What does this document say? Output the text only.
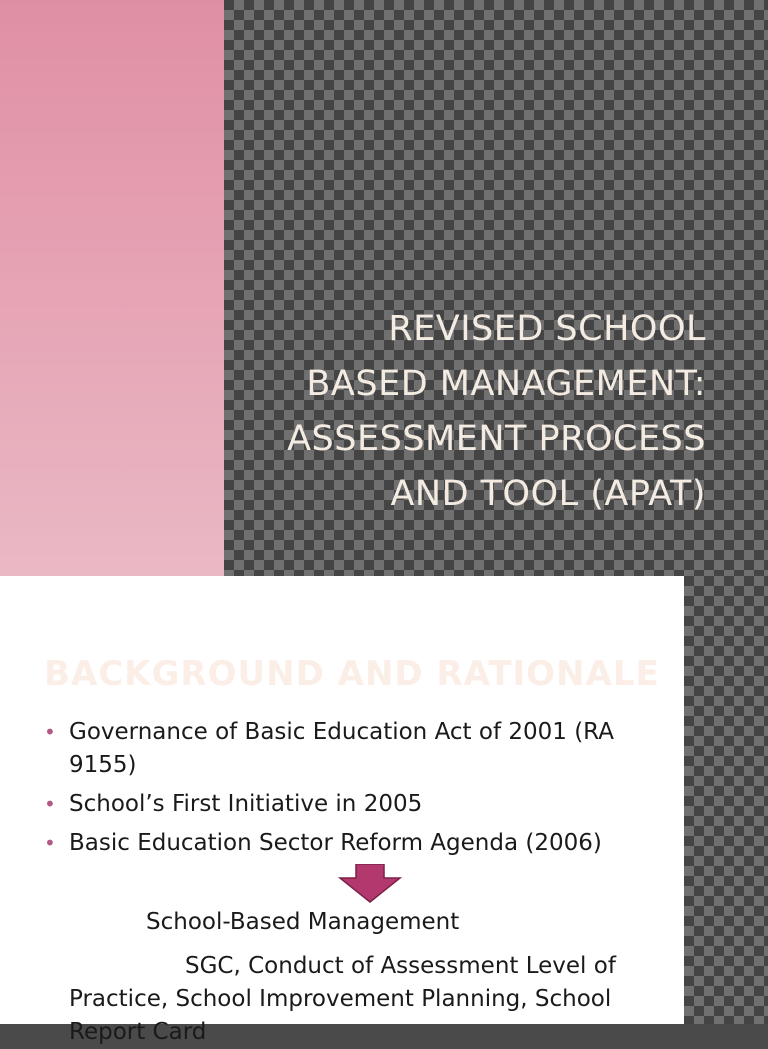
REVISED SCHOOL
BASED MANAGEMENT:
ASSESSMENT PROCESS
AND TOOL (APAT)
BACKGROUND AND RATIONALE
• Governance of Basic Education Act of 2001 (RA 9155)
• School’s First Initiative in 2005
• Basic Education Sector Reform Agenda (2006)
School-Based Management
SGC, Conduct of Assessment Level of Practice, School Improvement Planning, School Report Card
